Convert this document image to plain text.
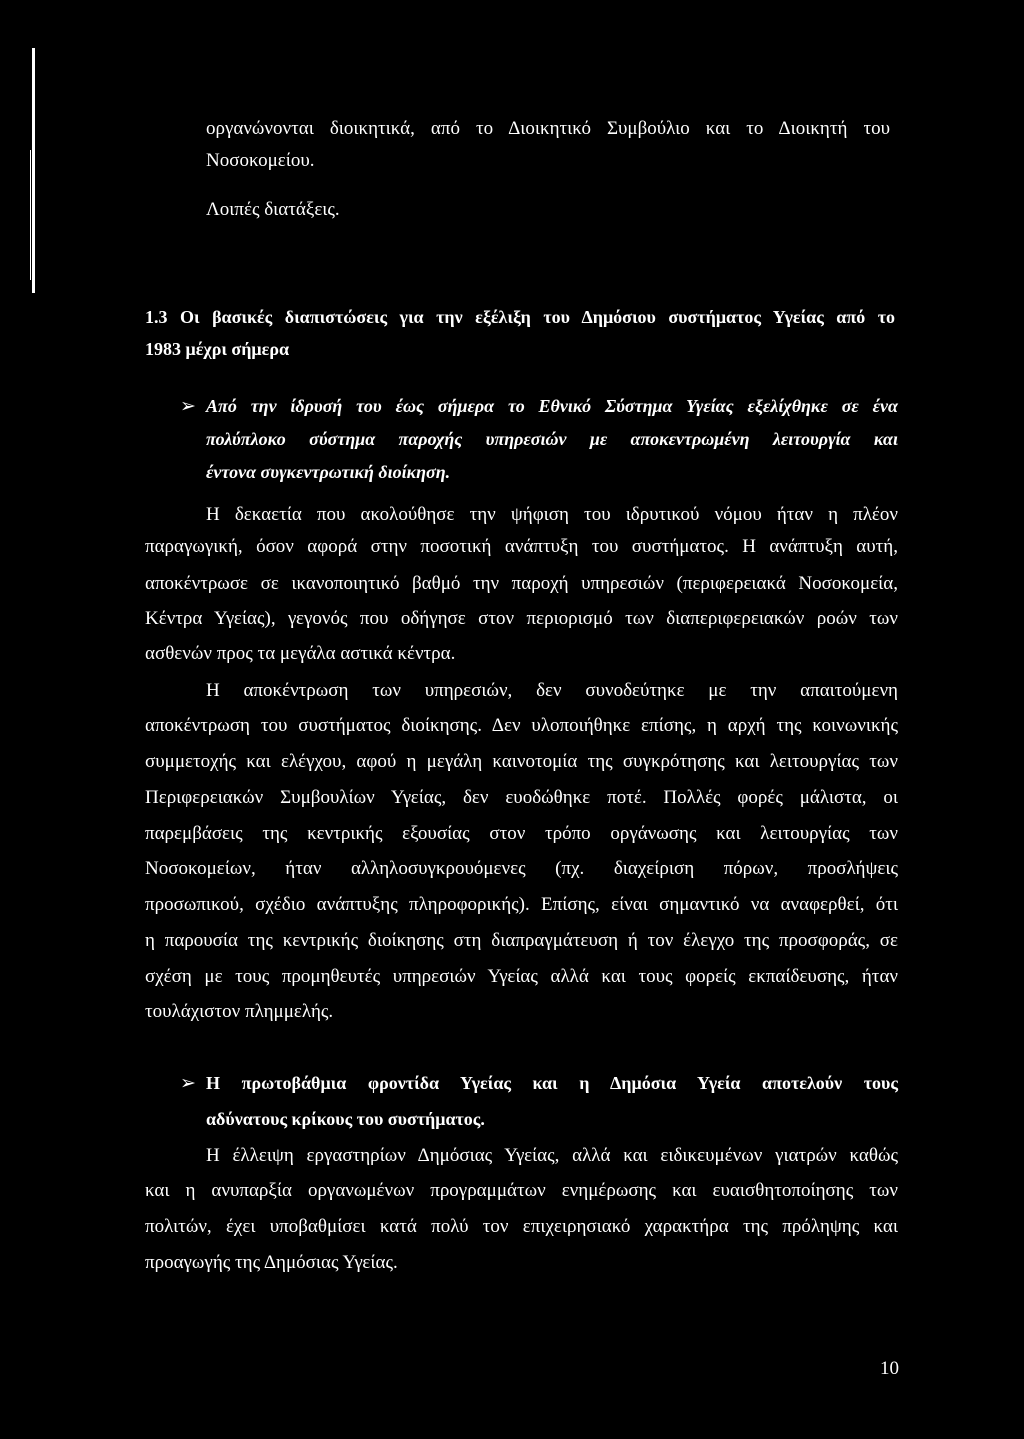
οργανώνονται διοικητικά, από το Διοικητικό Συμβούλιο και το Διοικητή του
Νοσοκομείου.
Λοιπές διατάξεις.
1.3 Οι βασικές διαπιστώσεις για την εξέλιξη του Δημόσιου συστήματος Υγείας από το
1983 μέχρι σήμερα
➢ Από την ίδρυσή του έως σήμερα το Εθνικό Σύστημα Υγείας εξελίχθηκε σε ένα
πολύπλοκο σύστημα παροχής υπηρεσιών με αποκεντρωμένη λειτουργία και
έντονα συγκεντρωτική διοίκηση.
Η δεκαετία που ακολούθησε την ψήφιση του ιδρυτικού νόμου ήταν η πλέον
παραγωγική, όσον αφορά στην ποσοτική ανάπτυξη του συστήματος. Η ανάπτυξη αυτή,
αποκέντρωσε σε ικανοποιητικό βαθμό την παροχή υπηρεσιών (περιφερειακά Νοσοκομεία,
Κέντρα Υγείας), γεγονός που οδήγησε στον περιορισμό των διαπεριφερειακών ροών των
ασθενών προς τα μεγάλα αστικά κέντρα.
Η αποκέντρωση των υπηρεσιών, δεν συνοδεύτηκε με την απαιτούμενη
αποκέντρωση του συστήματος διοίκησης. Δεν υλοποιήθηκε επίσης, η αρχή της κοινωνικής
συμμετοχής και ελέγχου, αφού η μεγάλη καινοτομία της συγκρότησης και λειτουργίας των
Περιφερειακών Συμβουλίων Υγείας, δεν ευοδώθηκε ποτέ. Πολλές φορές μάλιστα, οι
παρεμβάσεις της κεντρικής εξουσίας στον τρόπο οργάνωσης και λειτουργίας των
Νοσοκομείων, ήταν αλληλοσυγκρουόμενες (πχ. διαχείριση πόρων, προσλήψεις
προσωπικού, σχέδιο ανάπτυξης πληροφορικής). Επίσης, είναι σημαντικό να αναφερθεί, ότι
η παρουσία της κεντρικής διοίκησης στη διαπραγμάτευση ή τον έλεγχο της προσφοράς, σε
σχέση με τους προμηθευτές υπηρεσιών Υγείας αλλά και τους φορείς εκπαίδευσης, ήταν
τουλάχιστον πλημμελής.
➢ Η πρωτοβάθμια φροντίδα Υγείας και η Δημόσια Υγεία αποτελούν τους
αδύνατους κρίκους του συστήματος.
Η έλλειψη εργαστηρίων Δημόσιας Υγείας, αλλά και ειδικευμένων γιατρών καθώς
και η ανυπαρξία οργανωμένων προγραμμάτων ενημέρωσης και ευαισθητοποίησης των
πολιτών, έχει υποβαθμίσει κατά πολύ τον επιχειρησιακό χαρακτήρα της πρόληψης και
προαγωγής της Δημόσιας Υγείας.
10
